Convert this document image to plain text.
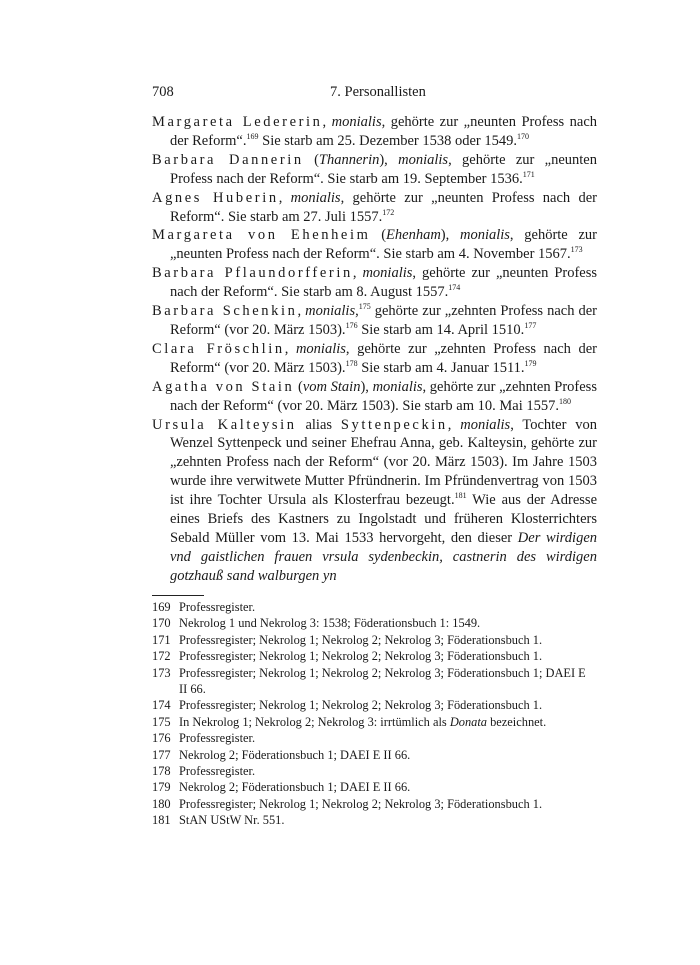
708	7. Personallisten

Margareta Ledererin, monialis, gehörte zur „neunten Profess nach der Reform“.$^{169}$ Sie starb am 25. Dezember 1538 oder 1549.$^{170}$

Barbara Dannerin (Thannerin), monialis, gehörte zur „neunten Profess nach der Reform“. Sie starb am 19. September 1536.$^{171}$

Agnes Huberin, monialis, gehörte zur „neunten Profess nach der Reform“. Sie starb am 27. Juli 1557.$^{172}$

Margareta von Ehenheim (Ehenham), monialis, gehörte zur „neunten Profess nach der Reform“. Sie starb am 4. November 1567.$^{173}$

Barbara Pflaundorfferin, monialis, gehörte zur „neunten Profess nach der Reform“. Sie starb am 8. August 1557.$^{174}$

Barbara Schenkin, monialis,$^{175}$ gehörte zur „zehnten Profess nach der Reform“ (vor 20. März 1503).$^{176}$ Sie starb am 14. April 1510.$^{177}$

Clara Fröschlin, monialis, gehörte zur „zehnten Profess nach der Reform“ (vor 20. März 1503).$^{178}$ Sie starb am 4. Januar 1511.$^{179}$

Agatha von Stain (vom Stain), monialis, gehörte zur „zehnten Profess nach der Reform“ (vor 20. März 1503). Sie starb am 10. Mai 1557.$^{180}$

Ursula Kalteysin alias Syttenpeckin, monialis, Tochter von Wenzel Syttenpeck und seiner Ehefrau Anna, geb. Kalteysin, gehörte zur „zehnten Profess nach der Reform“ (vor 20. März 1503). Im Jahre 1503 wurde ihre verwitwete Mutter Pfründnerin. Im Pfründenvertrag von 1503 ist ihre Tochter Ursula als Klosterfrau bezeugt.$^{181}$ Wie aus der Adresse eines Briefs des Kastners zu Ingolstadt und früheren Klosterrichters Sebald Müller vom 13. Mai 1533 hervorgeht, den dieser Der wirdigen vnd gaistlichen frauen vrsula sydenbeckin, castnerin des wirdigen gotzhauß sand walburgen yn

169 Professregister.

170 Nekrolog 1 und Nekrolog 3: 1538; Föderationsbuch 1: 1549.

171 Professregister; Nekrolog 1; Nekrolog 2; Nekrolog 3; Föderationsbuch 1.

172 Professregister; Nekrolog 1; Nekrolog 2; Nekrolog 3; Föderationsbuch 1.

173 Professregister; Nekrolog 1; Nekrolog 2; Nekrolog 3; Föderationsbuch 1; DAEI E II 66.

174 Professregister; Nekrolog 1; Nekrolog 2; Nekrolog 3; Föderationsbuch 1.

175 In Nekrolog 1; Nekrolog 2; Nekrolog 3: irrtümlich als Donata bezeichnet.

176 Professregister.

177 Nekrolog 2; Föderationsbuch 1; DAEI E II 66.

178 Professregister.

179 Nekrolog 2; Föderationsbuch 1; DAEI E II 66.

180 Professregister; Nekrolog 1; Nekrolog 2; Nekrolog 3; Föderationsbuch 1.

181 StAN UStW Nr. 551.
